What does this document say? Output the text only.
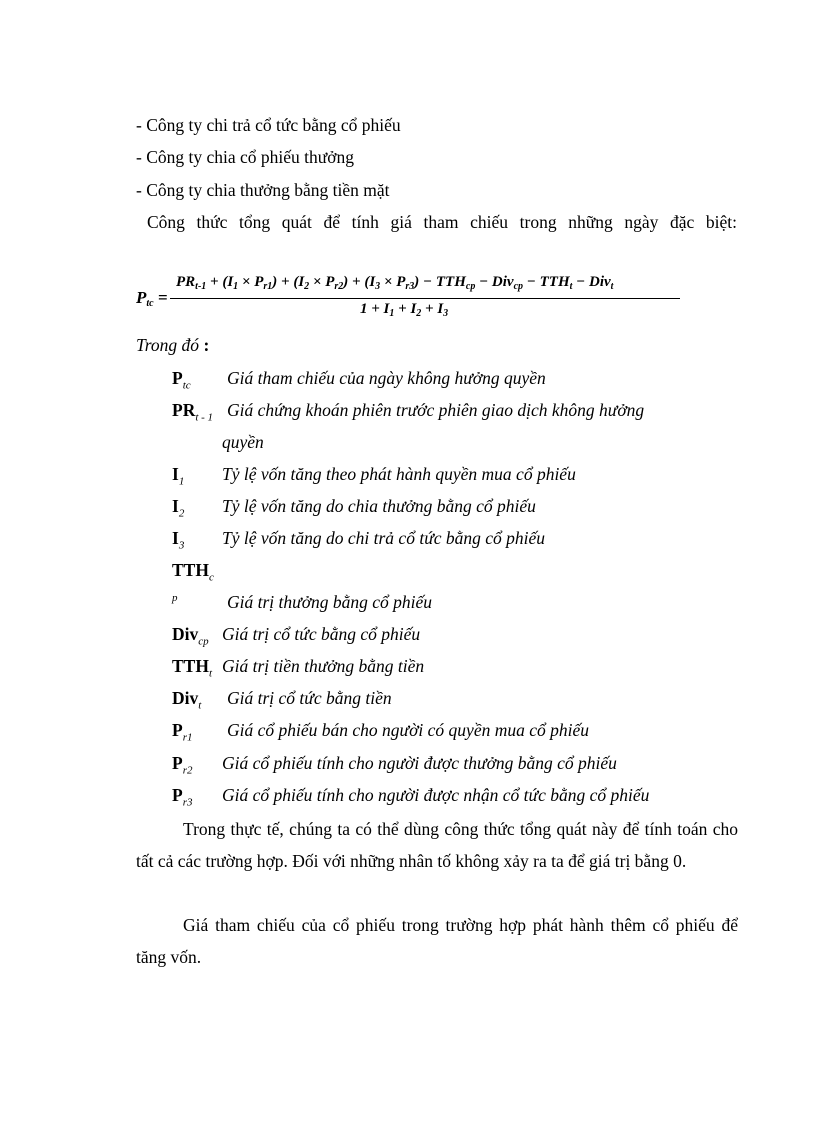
- Công ty chi trả cổ tức bằng cổ phiếu
- Công ty chia cổ phiếu thưởng
- Công ty chia thưởng bằng tiền mặt
Công thức tổng quát để tính giá tham chiếu trong những ngày đặc biệt:
$P_{tc}$ =
$PR_{t-1} + (I_1 \times P_{r1}) + (I_2 \times P_{r2}) + (I_3 \times P_{r3}) - TTH_{cp} - Div_{cp} - TTH_t - Div_t$
$1 + I_1 + I_2 + I_3$
Trong đó :
$P_{tc}$ Giá tham chiếu của ngày không hưởng quyền
$PR_{t - 1}$ Giá chứng khoán phiên trước phiên giao dịch không hưởng
quyền
$I_1$ Tỷ lệ vốn tăng theo phát hành quyền mua cổ phiếu
$I_2$ Tỷ lệ vốn tăng do chia thưởng bằng cổ phiếu
$I_3$ Tỷ lệ vốn tăng do chi trả cổ tức bằng cổ phiếu
$TTH_c$
p	Giá trị thưởng bằng cổ phiếu
Div$_{cp}$ Giá trị cổ tức bằng cổ phiếu
$TTH_t$ Giá trị tiền thưởng bằng tiền
Div$_t$ Giá trị cổ tức bằng tiền
$P_{r1}$ Giá cổ phiếu bán cho người có quyền mua cổ phiếu
$P_{r2}$ Giá cổ phiếu tính cho người được thưởng bằng cổ phiếu
$P_{r3}$ Giá cổ phiếu tính cho người được nhận cổ tức bằng cổ phiếu
Trong thực tế, chúng ta có thể dùng công thức tổng quát này để tính toán cho tất cả các trường hợp. Đối với những nhân tố không xảy ra ta để giá trị bằng 0.
Giá tham chiếu của cổ phiếu trong trường hợp phát hành thêm cổ phiếu để tăng vốn.
